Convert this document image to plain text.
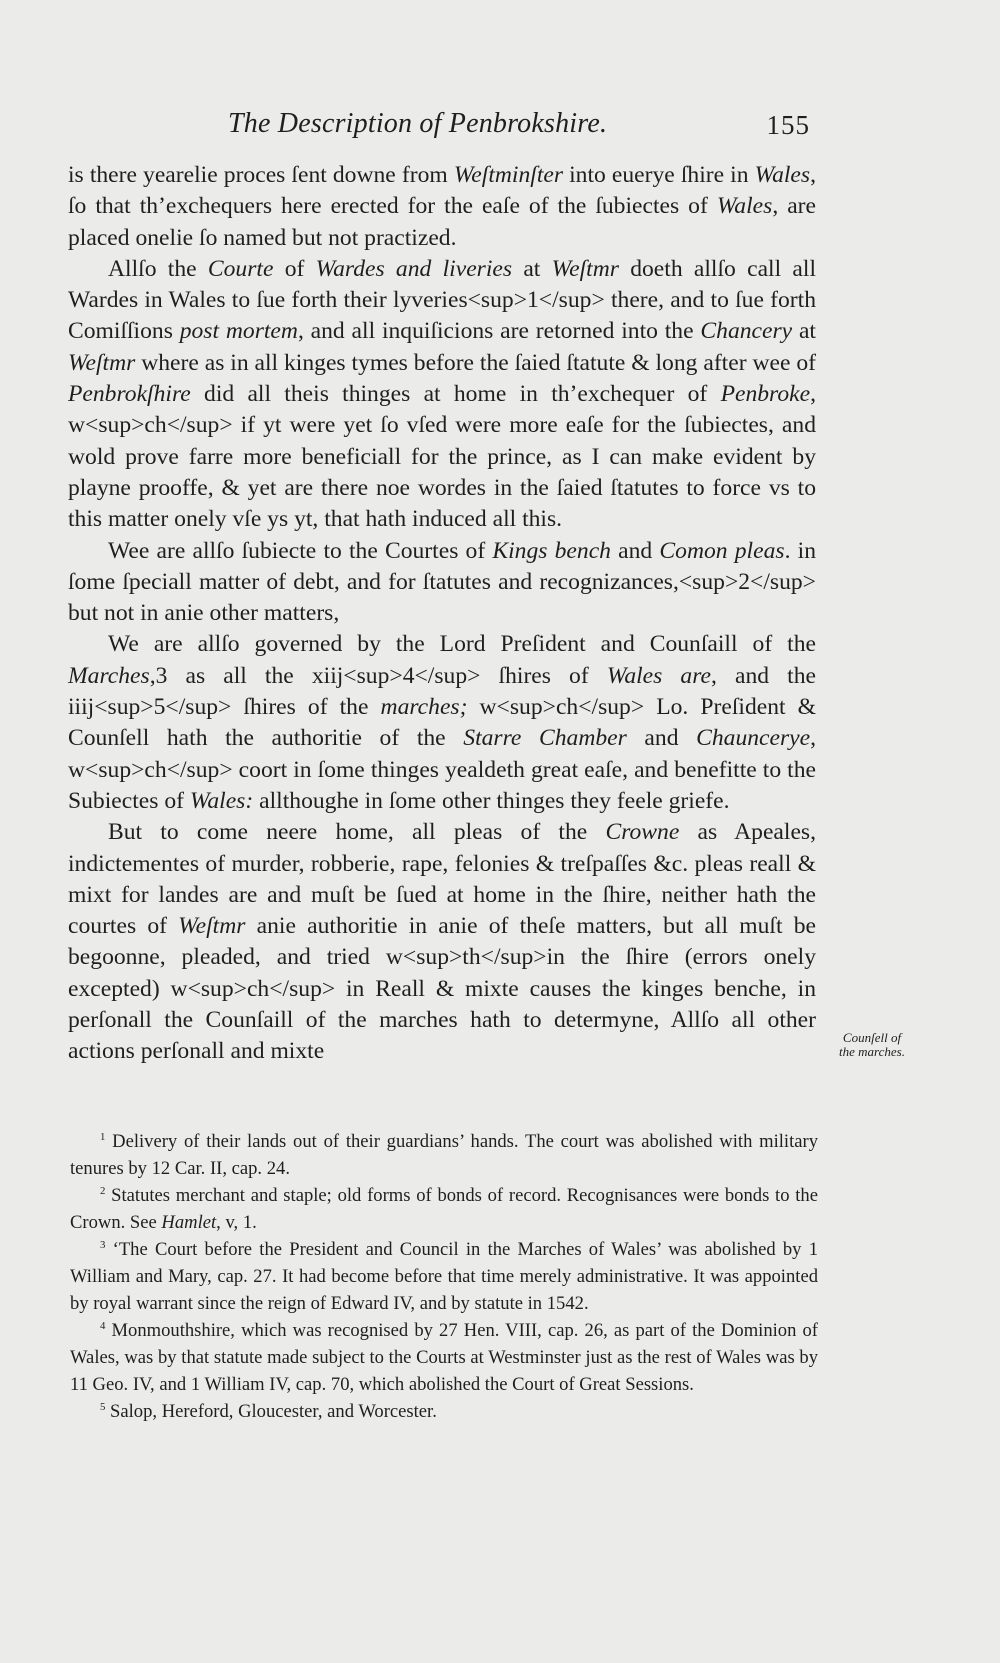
The Description of Penbrokshire.	155

is there yearelie proces ſent downe from Weſtminſter into euerye ſhire in Wales, ſo that th’exchequers here erected for the eaſe of the ſubiectes of Wales, are placed onelie ſo named but not practized.

Allſo the Courte of Wardes and liveries at Weſtmr doeth allſo call all Wardes in Wales to ſue forth their lyveries<sup>1</sup> there, and to ſue forth Comiſſions post mortem, and all inquiſicions are retorned into the Chancery at Weſtmr where as in all kinges tymes before the ſaied ſtatute & long after wee of Penbrokſhire did all theis thinges at home in th’exchequer of Penbroke, w<sup>ch</sup> if yt were yet ſo vſed were more eaſe for the ſubiectes, and wold prove farre more beneficiall for the prince, as I can make evident by playne prooffe, & yet are there noe wordes in the ſaied ſtatutes to force vs to this matter onely vſe ys yt, that hath induced all this.

Wee are allſo ſubiecte to the Courtes of Kings bench and Comon pleas. in ſome ſpeciall matter of debt, and for ſtatutes and recognizances,<sup>2</sup> but not in anie other matters,

We are allſo governed by the Lord Preſident and Counſaill of the Marches,3 as all the xiij<sup>4</sup> ſhires of Wales are, and the iiij<sup>5</sup> ſhires of the marches; w<sup>ch</sup> Lo. Preſident & Counſell hath the authoritie of the Starre Chamber and Chauncerye, w<sup>ch</sup> coort in ſome thinges yealdeth great eaſe, and benefitte to the Subiectes of Wales: allthoughe in ſome other thinges they feele griefe.

But to come neere home, all pleas of the Crowne as Apeales, indictementes of murder, robberie, rape, felonies & treſpaſſes &c. pleas reall & mixt for landes are and muſt be ſued at home in the ſhire, neither hath the courtes of Weſtmr anie authoritie in anie of theſe matters, but all muſt be begoonne, pleaded, and tried w<sup>th</sup>in the ſhire (errors onely excepted) w<sup>ch</sup> in Reall & mixte causes the kinges benche, in perſonall the Counſaill of the marches hath to determyne, Allſo all other actions perſonall and mixte

Counſell of
the marches.

$^1$ Delivery of their lands out of their guardians’ hands. The court was abolished with military tenures by 12 Car. II, cap. 24.

$^2$ Statutes merchant and staple; old forms of bonds of record. Recognisances were bonds to the Crown. See Hamlet, v, 1.

$^3$ ‘The Court before the President and Council in the Marches of Wales’ was abolished by 1 William and Mary, cap. 27. It had become before that time merely administrative. It was appointed by royal warrant since the reign of Edward IV, and by statute in 1542.

$^4$ Monmouthshire, which was recognised by 27 Hen. VIII, cap. 26, as part of the Dominion of Wales, was by that statute made subject to the Courts at Westminster just as the rest of Wales was by 11 Geo. IV, and 1 William IV, cap. 70, which abolished the Court of Great Sessions.

$^5$ Salop, Hereford, Gloucester, and Worcester.
